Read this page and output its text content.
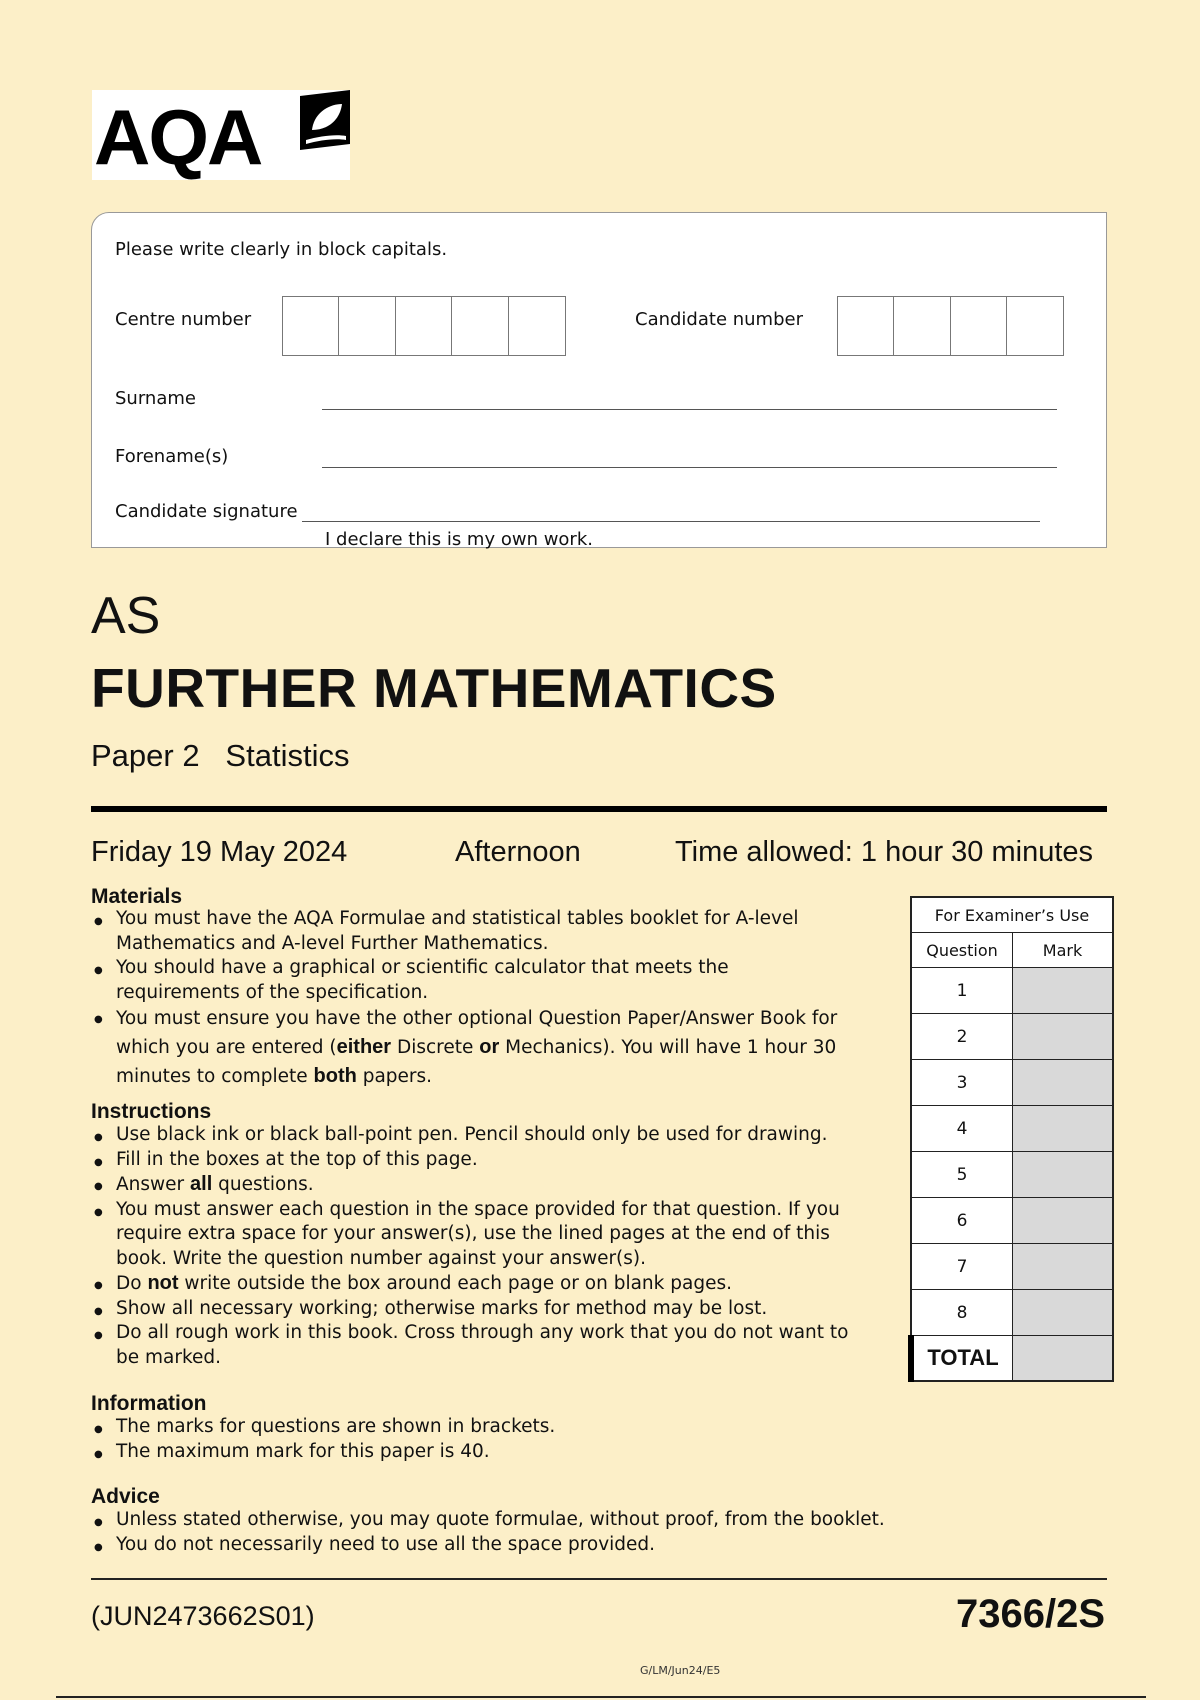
AQA
Please write clearly in block capitals.
Centre number	Candidate number
Surname
Forename(s)
Candidate signature
I declare this is my own work.
AS
FURTHER MATHEMATICS
Paper 2 Statistics
Friday 19 May 2024	Afternoon	Time allowed: 1 hour 30 minutes
Materials
● You must have the AQA Formulae and statistical tables booklet for A-level Mathematics and A-level Further Mathematics.
● You should have a graphical or scientific calculator that meets the requirements of the specification.
● You must ensure you have the other optional Question Paper/Answer Book for which you are entered (either Discrete or Mechanics). You will have 1 hour 30 minutes to complete both papers.
Instructions
● Use black ink or black ball-point pen. Pencil should only be used for drawing.
● Fill in the boxes at the top of this page.
● Answer all questions.
● You must answer each question in the space provided for that question. If you require extra space for your answer(s), use the lined pages at the end of this book. Write the question number against your answer(s).
● Do not write outside the box around each page or on blank pages.
● Show all necessary working; otherwise marks for method may be lost.
● Do all rough work in this book. Cross through any work that you do not want to be marked.
Information
● The marks for questions are shown in brackets.
● The maximum mark for this paper is 40.
Advice
● Unless stated otherwise, you may quote formulae, without proof, from the booklet.
● You do not necessarily need to use all the space provided.
For Examiner’s Use	
Question	Mark
1	
2	
3	
4	
5	
6	
7	
8	
TOTAL	
(JUN2473662S01)	7366/2S
G/LM/Jun24/E5
